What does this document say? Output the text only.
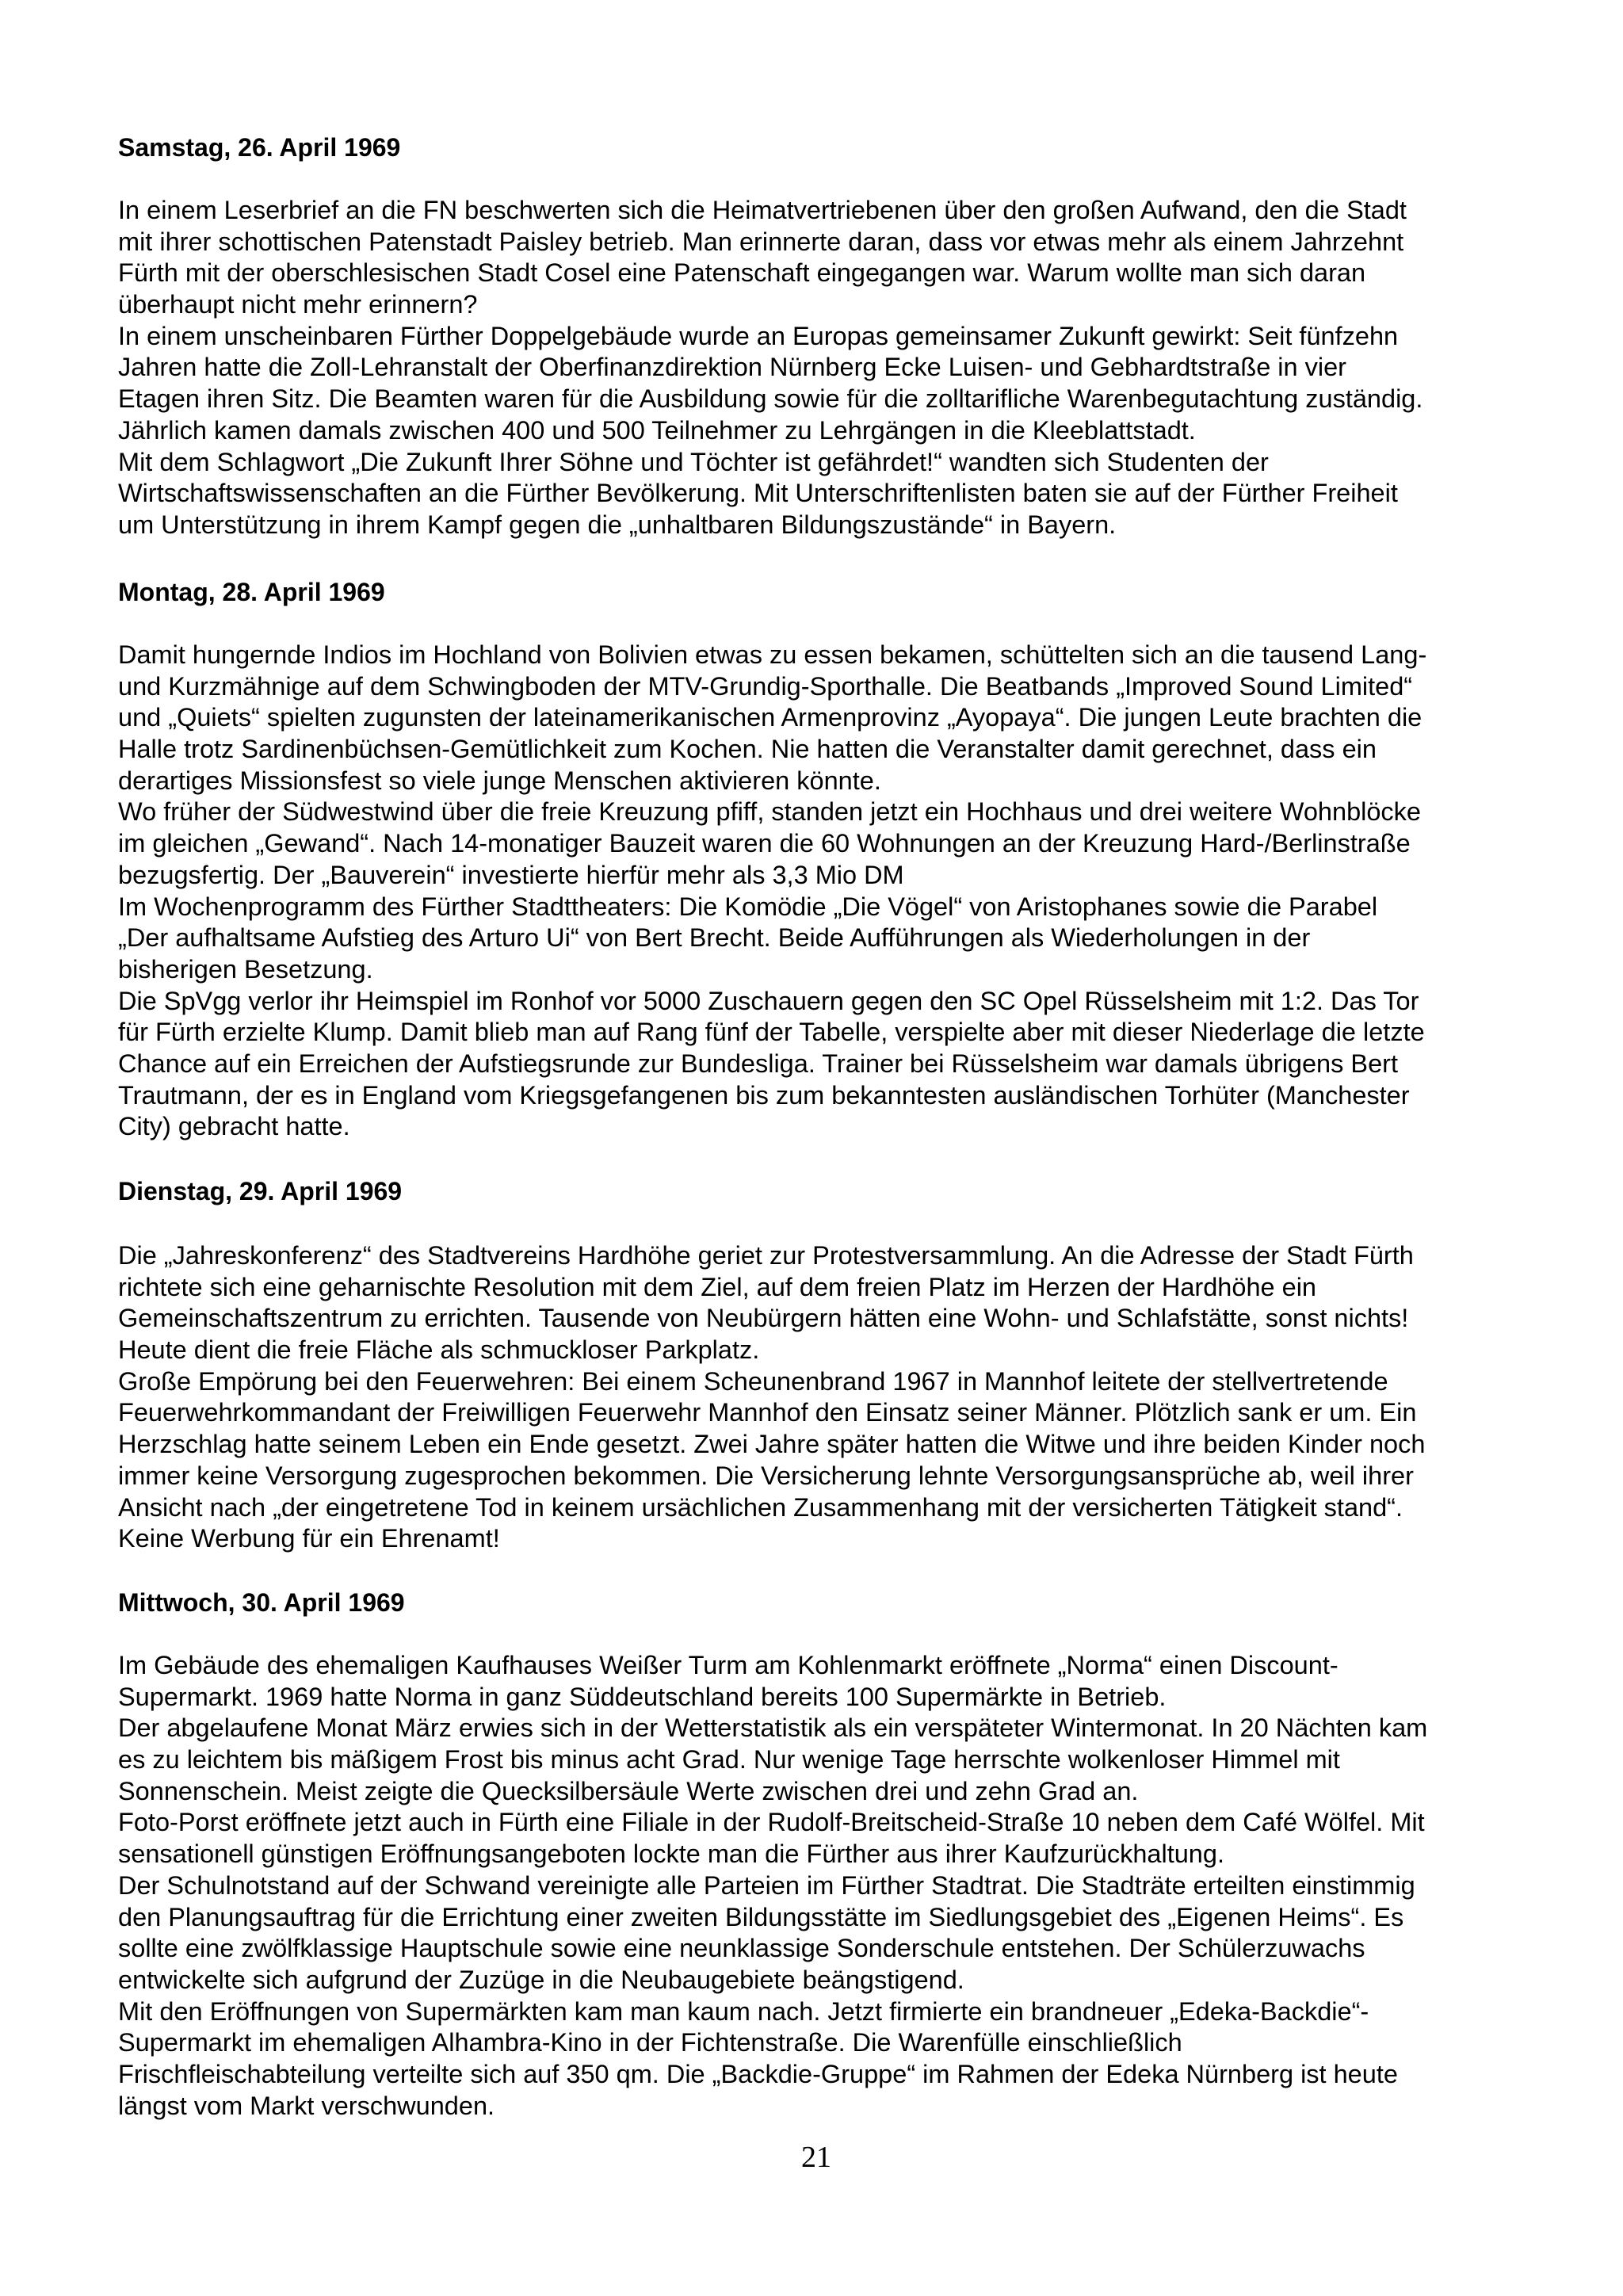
Samstag, 26. April 1969
In einem Leserbrief an die FN beschwerten sich die Heimatvertriebenen über den großen Aufwand, den die Stadt
mit ihrer schottischen Patenstadt Paisley betrieb. Man erinnerte daran, dass vor etwas mehr als einem Jahrzehnt
Fürth mit der oberschlesischen Stadt Cosel eine Patenschaft eingegangen war. Warum wollte man sich daran
überhaupt nicht mehr erinnern?
In einem unscheinbaren Fürther Doppelgebäude wurde an Europas gemeinsamer Zukunft gewirkt: Seit fünfzehn
Jahren hatte die Zoll-Lehranstalt der Oberfinanzdirektion Nürnberg Ecke Luisen- und Gebhardtstraße in vier
Etagen ihren Sitz. Die Beamten waren für die Ausbildung sowie für die zolltarifliche Warenbegutachtung zuständig.
Jährlich kamen damals zwischen 400 und 500 Teilnehmer zu Lehrgängen in die Kleeblattstadt.
Mit dem Schlagwort „Die Zukunft Ihrer Söhne und Töchter ist gefährdet!“ wandten sich Studenten der
Wirtschaftswissenschaften an die Fürther Bevölkerung. Mit Unterschriftenlisten baten sie auf der Fürther Freiheit
um Unterstützung in ihrem Kampf gegen die „unhaltbaren Bildungszustände“ in Bayern.
Montag, 28. April 1969
Damit hungernde Indios im Hochland von Bolivien etwas zu essen bekamen, schüttelten sich an die tausend Lang-
und Kurzmähnige auf dem Schwingboden der MTV-Grundig-Sporthalle. Die Beatbands „Improved Sound Limited“
und „Quiets“ spielten zugunsten der lateinamerikanischen Armenprovinz „Ayopaya“. Die jungen Leute brachten die
Halle trotz Sardinenbüchsen-Gemütlichkeit zum Kochen. Nie hatten die Veranstalter damit gerechnet, dass ein
derartiges Missionsfest so viele junge Menschen aktivieren könnte.
Wo früher der Südwestwind über die freie Kreuzung pfiff, standen jetzt ein Hochhaus und drei weitere Wohnblöcke
im gleichen „Gewand“. Nach 14-monatiger Bauzeit waren die 60 Wohnungen an der Kreuzung Hard-/Berlinstraße
bezugsfertig. Der „Bauverein“ investierte hierfür mehr als 3,3 Mio DM
Im Wochenprogramm des Fürther Stadttheaters: Die Komödie „Die Vögel“ von Aristophanes sowie die Parabel
„Der aufhaltsame Aufstieg des Arturo Ui“ von Bert Brecht. Beide Aufführungen als Wiederholungen in der
bisherigen Besetzung.
Die SpVgg verlor ihr Heimspiel im Ronhof vor 5000 Zuschauern gegen den SC Opel Rüsselsheim mit 1:2. Das Tor
für Fürth erzielte Klump. Damit blieb man auf Rang fünf der Tabelle, verspielte aber mit dieser Niederlage die letzte
Chance auf ein Erreichen der Aufstiegsrunde zur Bundesliga. Trainer bei Rüsselsheim war damals übrigens Bert
Trautmann, der es in England vom Kriegsgefangenen bis zum bekanntesten ausländischen Torhüter (Manchester
City) gebracht hatte.
Dienstag, 29. April 1969
Die „Jahreskonferenz“ des Stadtvereins Hardhöhe geriet zur Protestversammlung. An die Adresse der Stadt Fürth
richtete sich eine geharnischte Resolution mit dem Ziel, auf dem freien Platz im Herzen der Hardhöhe ein
Gemeinschaftszentrum zu errichten. Tausende von Neubürgern hätten eine Wohn- und Schlafstätte, sonst nichts!
Heute dient die freie Fläche als schmuckloser Parkplatz.
Große Empörung bei den Feuerwehren: Bei einem Scheunenbrand 1967 in Mannhof leitete der stellvertretende
Feuerwehrkommandant der Freiwilligen Feuerwehr Mannhof den Einsatz seiner Männer. Plötzlich sank er um. Ein
Herzschlag hatte seinem Leben ein Ende gesetzt. Zwei Jahre später hatten die Witwe und ihre beiden Kinder noch
immer keine Versorgung zugesprochen bekommen. Die Versicherung lehnte Versorgungsansprüche ab, weil ihrer
Ansicht nach „der eingetretene Tod in keinem ursächlichen Zusammenhang mit der versicherten Tätigkeit stand“.
Keine Werbung für ein Ehrenamt!
Mittwoch, 30. April 1969
Im Gebäude des ehemaligen Kaufhauses Weißer Turm am Kohlenmarkt eröffnete „Norma“ einen Discount-
Supermarkt. 1969 hatte Norma in ganz Süddeutschland bereits 100 Supermärkte in Betrieb.
Der abgelaufene Monat März erwies sich in der Wetterstatistik als ein verspäteter Wintermonat. In 20 Nächten kam
es zu leichtem bis mäßigem Frost bis minus acht Grad. Nur wenige Tage herrschte wolkenloser Himmel mit
Sonnenschein. Meist zeigte die Quecksilbersäule Werte zwischen drei und zehn Grad an.
Foto-Porst eröffnete jetzt auch in Fürth eine Filiale in der Rudolf-Breitscheid-Straße 10 neben dem Café Wölfel. Mit
sensationell günstigen Eröffnungsangeboten lockte man die Fürther aus ihrer Kaufzurückhaltung.
Der Schulnotstand auf der Schwand vereinigte alle Parteien im Fürther Stadtrat. Die Stadträte erteilten einstimmig
den Planungsauftrag für die Errichtung einer zweiten Bildungsstätte im Siedlungsgebiet des „Eigenen Heims“. Es
sollte eine zwölfklassige Hauptschule sowie eine neunklassige Sonderschule entstehen. Der Schülerzuwachs
entwickelte sich aufgrund der Zuzüge in die Neubaugebiete beängstigend.
Mit den Eröffnungen von Supermärkten kam man kaum nach. Jetzt firmierte ein brandneuer „Edeka-Backdie“-
Supermarkt im ehemaligen Alhambra-Kino in der Fichtenstraße. Die Warenfülle einschließlich
Frischfleischabteilung verteilte sich auf 350 qm. Die „Backdie-Gruppe“ im Rahmen der Edeka Nürnberg ist heute
längst vom Markt verschwunden.
21
